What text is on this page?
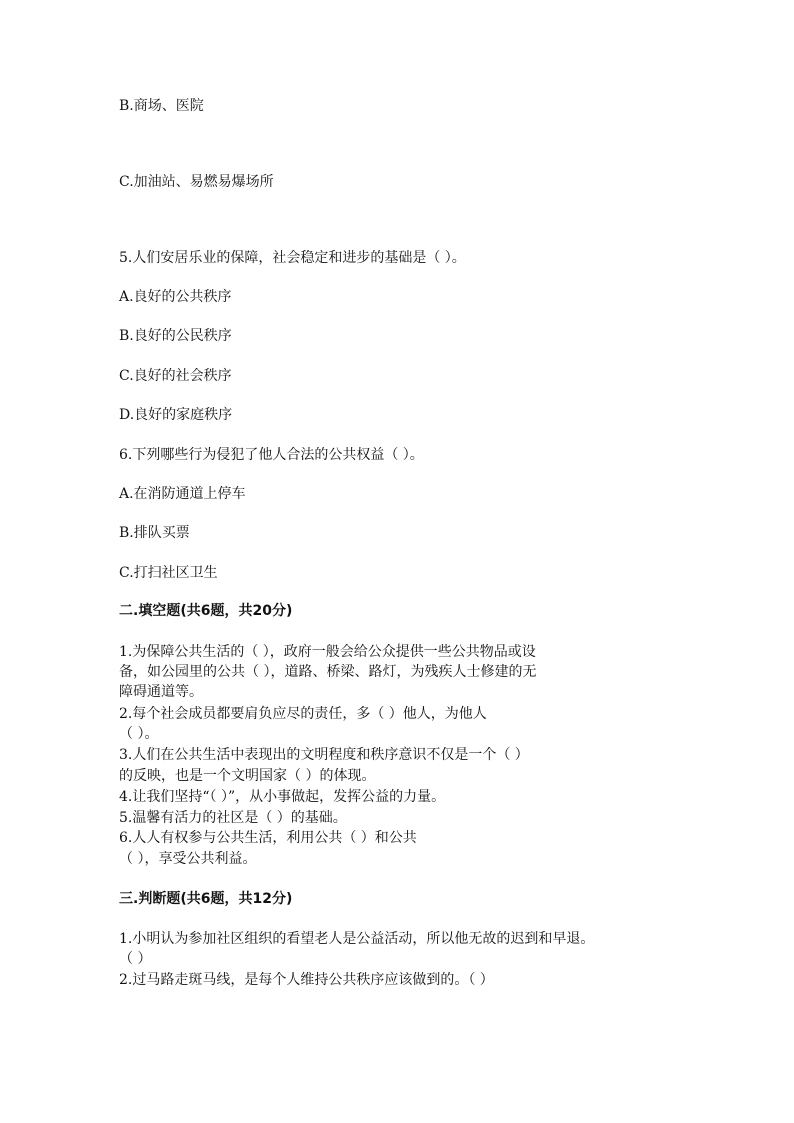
B.商场、医院
C.加油站、易燃易爆场所
5.人们安居乐业的保障，社会稳定和进步的基础是（ ）。
A.良好的公共秩序
B.良好的公民秩序
C.良好的社会秩序
D.良好的家庭秩序
6.下列哪些行为侵犯了他人合法的公共权益（ ）。
A.在消防通道上停车
B.排队买票
C.打扫社区卫生
二.填空题(共6题，共20分)
1.为保障公共生活的（ ），政府一般会给公众提供一些公共物品或设
备，如公园里的公共（ ），道路、桥梁、路灯，为残疾人士修建的无
障碍通道等。
2.每个社会成员都要肩负应尽的责任，多（ ）他人，为他人
（ ）。
3.人们在公共生活中表现出的文明程度和秩序意识不仅是一个（ ）
的反映，也是一个文明国家（ ）的体现。
4.让我们坚持“（ ）”，从小事做起，发挥公益的力量。
5.温馨有活力的社区是（ ）的基础。
6.人人有权参与公共生活，利用公共（ ）和公共
（ ），享受公共利益。
三.判断题(共6题，共12分)
1.小明认为参加社区组织的看望老人是公益活动，所以他无故的迟到和早退。
（ ）
2.过马路走斑马线，是每个人维持公共秩序应该做到的。（ ）
